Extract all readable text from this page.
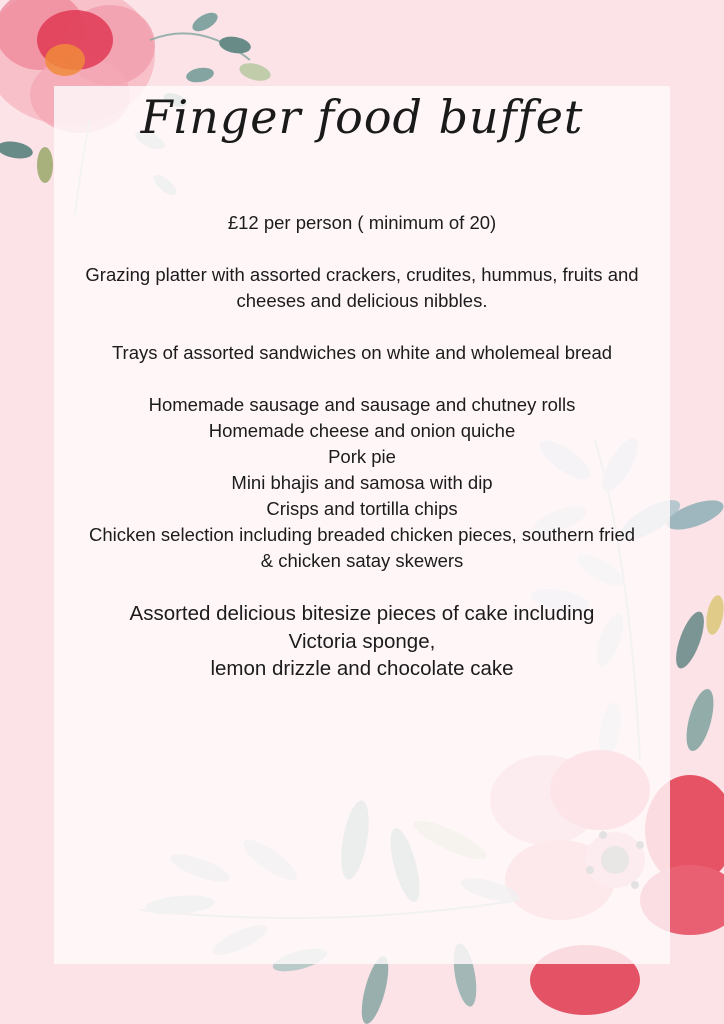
Finger food buffet

£12 per person ( minimum of 20)

Grazing platter with assorted crackers, crudites, hummus, fruits and

cheeses and delicious nibbles.

Trays of assorted sandwiches on white and wholemeal bread

Homemade sausage and sausage and chutney rolls

Homemade cheese and onion quiche

Pork pie

Mini bhajis and samosa with dip

Crisps and tortilla chips

Chicken selection including breaded chicken pieces, southern fried

& chicken satay skewers

Assorted delicious bitesize pieces of cake including

Victoria sponge,

lemon drizzle and chocolate cake
